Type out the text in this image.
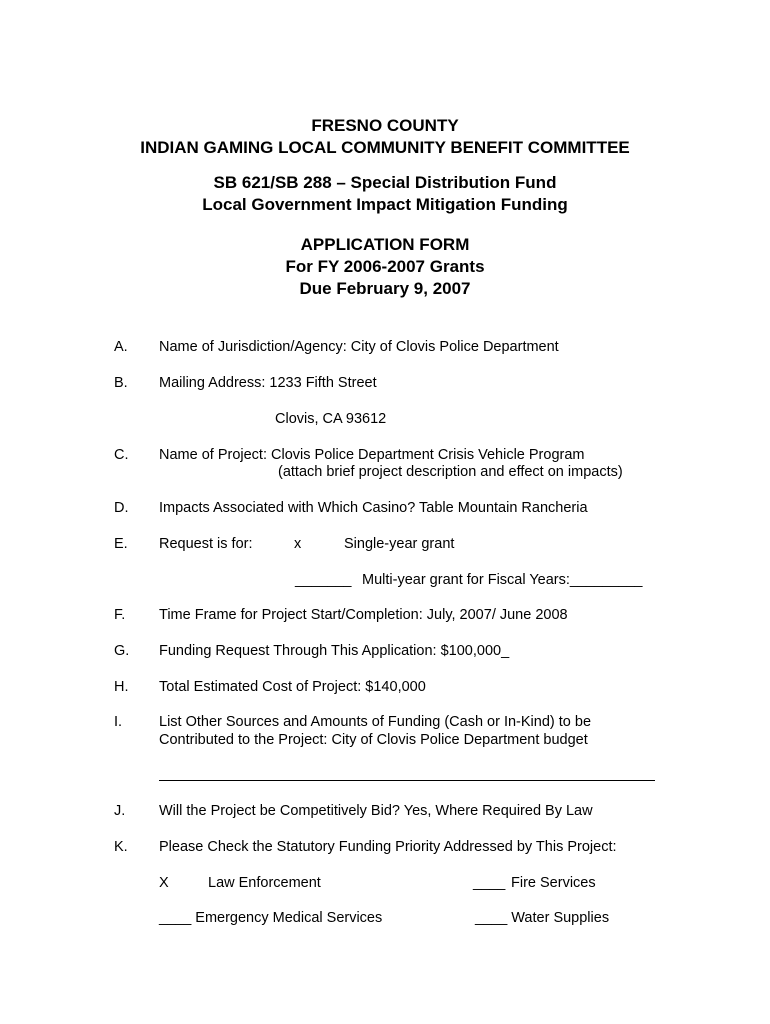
FRESNO COUNTY
INDIAN GAMING LOCAL COMMUNITY BENEFIT COMMITTEE
SB 621/SB 288 – Special Distribution Fund
Local Government Impact Mitigation Funding
APPLICATION FORM
For FY 2006-2007 Grants
Due February 9, 2007
A. Name of Jurisdiction/Agency: City of Clovis Police Department
B. Mailing Address: 1233 Fifth Street
Clovis, CA 93612
C. Name of Project: Clovis Police Department Crisis Vehicle Program
(attach brief project description and effect on impacts)
D. Impacts Associated with Which Casino? Table Mountain Rancheria
E. Request is for:	x	Single-year grant
_______ Multi-year grant for Fiscal Years:_________
F. Time Frame for Project Start/Completion: July, 2007/ June 2008
G. Funding Request Through This Application: $100,000_
H. Total Estimated Cost of Project: $140,000
I.	List Other Sources and Amounts of Funding (Cash or In-Kind) to be
Contributed to the Project: City of Clovis Police Department budget
J. Will the Project be Competitively Bid? Yes, Where Required By Law
K. Please Check the Statutory Funding Priority Addressed by This Project:
X	Law Enforcement	____ Fire Services
____ Emergency Medical Services	____ Water Supplies
